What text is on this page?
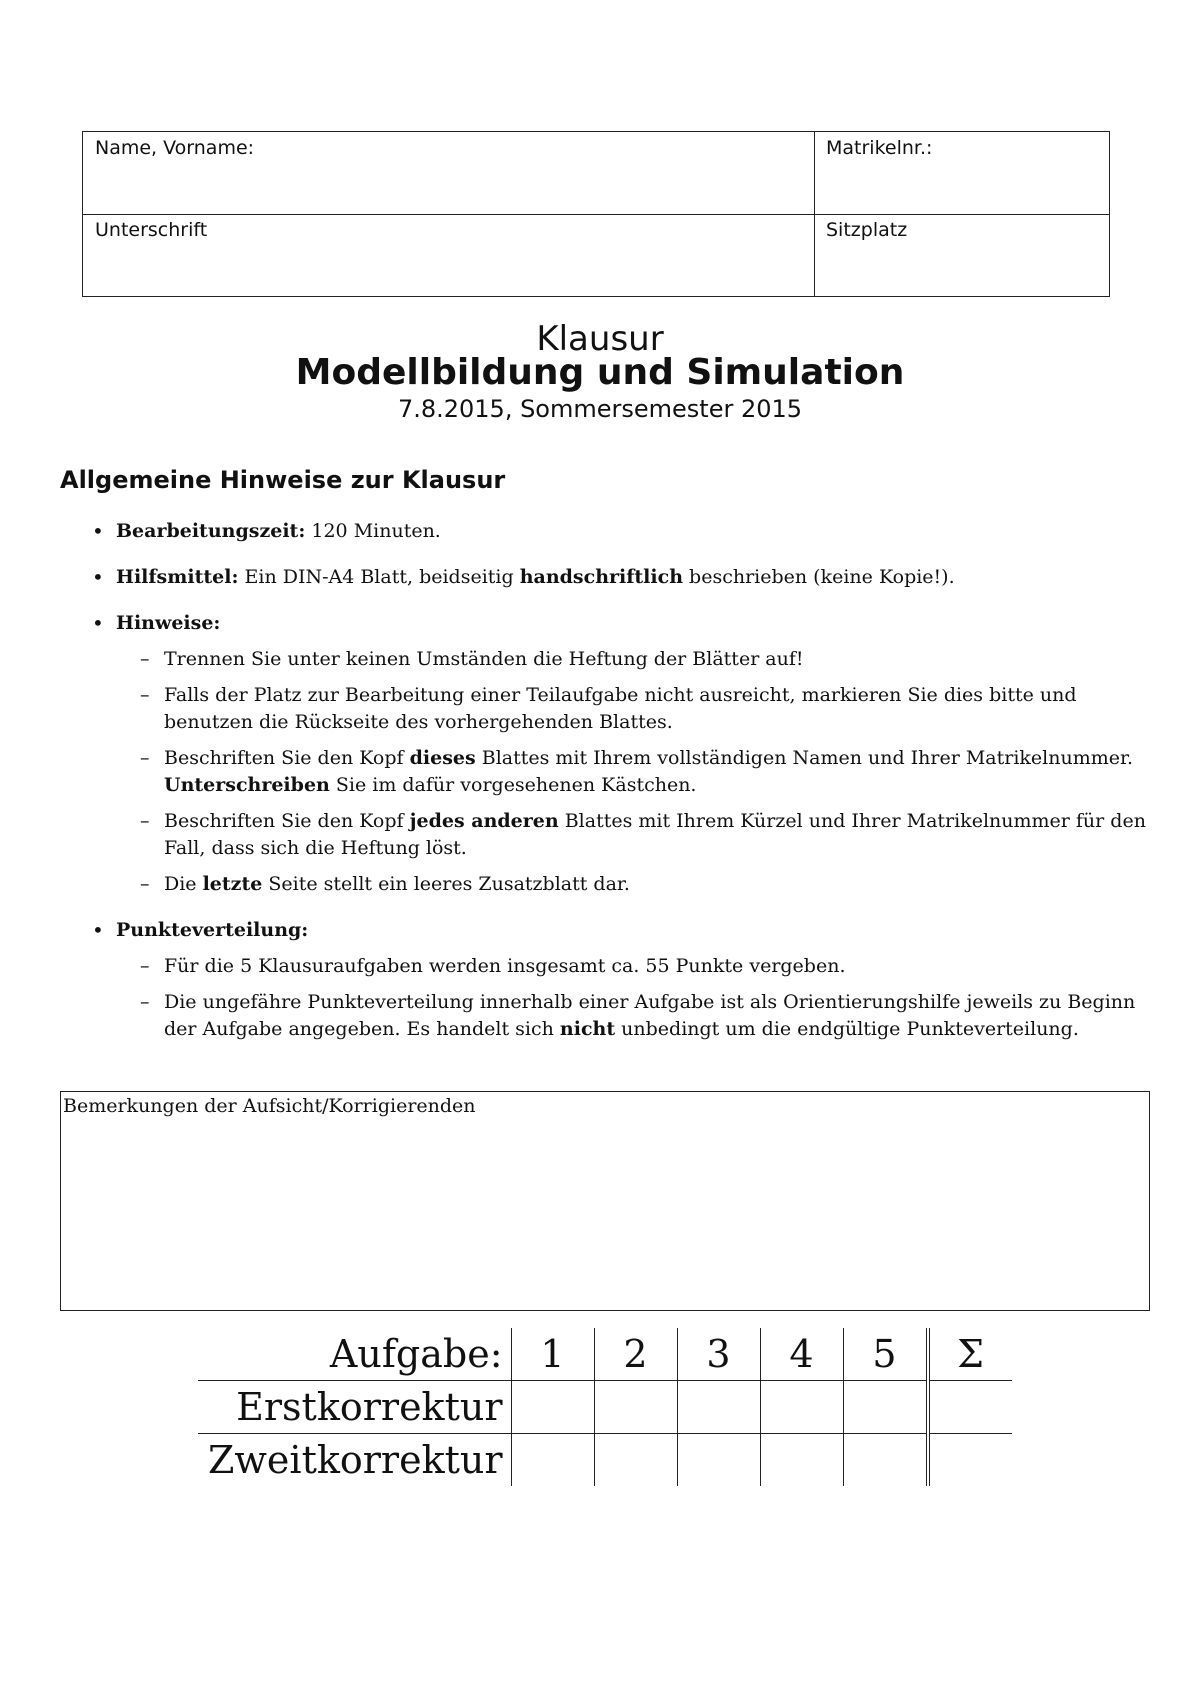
Name, Vorname:	Matrikelnr.:
Unterschrift	Sitzplatz
Klausur
Modellbildung und Simulation
7.8.2015, Sommersemester 2015
Allgemeine Hinweise zur Klausur
• Bearbeitungszeit: 120 Minuten.
• Hilfsmittel: Ein DIN-A4 Blatt, beidseitig handschriftlich beschrieben (keine Kopie!).
• Hinweise:
– Trennen Sie unter keinen Umständen die Heftung der Blätter auf!
– Falls der Platz zur Bearbeitung einer Teilaufgabe nicht ausreicht, markieren Sie dies bitte und benutzen die Rückseite des vorhergehenden Blattes.
– Beschriften Sie den Kopf dieses Blattes mit Ihrem vollständigen Namen und Ihrer Matrikelnummer. Unterschreiben Sie im dafür vorgesehenen Kästchen.
– Beschriften Sie den Kopf jedes anderen Blattes mit Ihrem Kürzel und Ihrer Matrikelnummer für den Fall, dass sich die Heftung löst.
– Die letzte Seite stellt ein leeres Zusatzblatt dar.
• Punkteverteilung:
– Für die 5 Klausuraufgaben werden insgesamt ca. 55 Punkte vergeben.
– Die ungefähre Punkteverteilung innerhalb einer Aufgabe ist als Orientierungshilfe jeweils zu Beginn der Aufgabe angegeben. Es handelt sich nicht unbedingt um die endgültige Punkteverteilung.
Bemerkungen der Aufsicht/Korrigierenden
Aufgabe:	1	2	3	4	5	Σ
Erstkorrektur						
Zweitkorrektur						
